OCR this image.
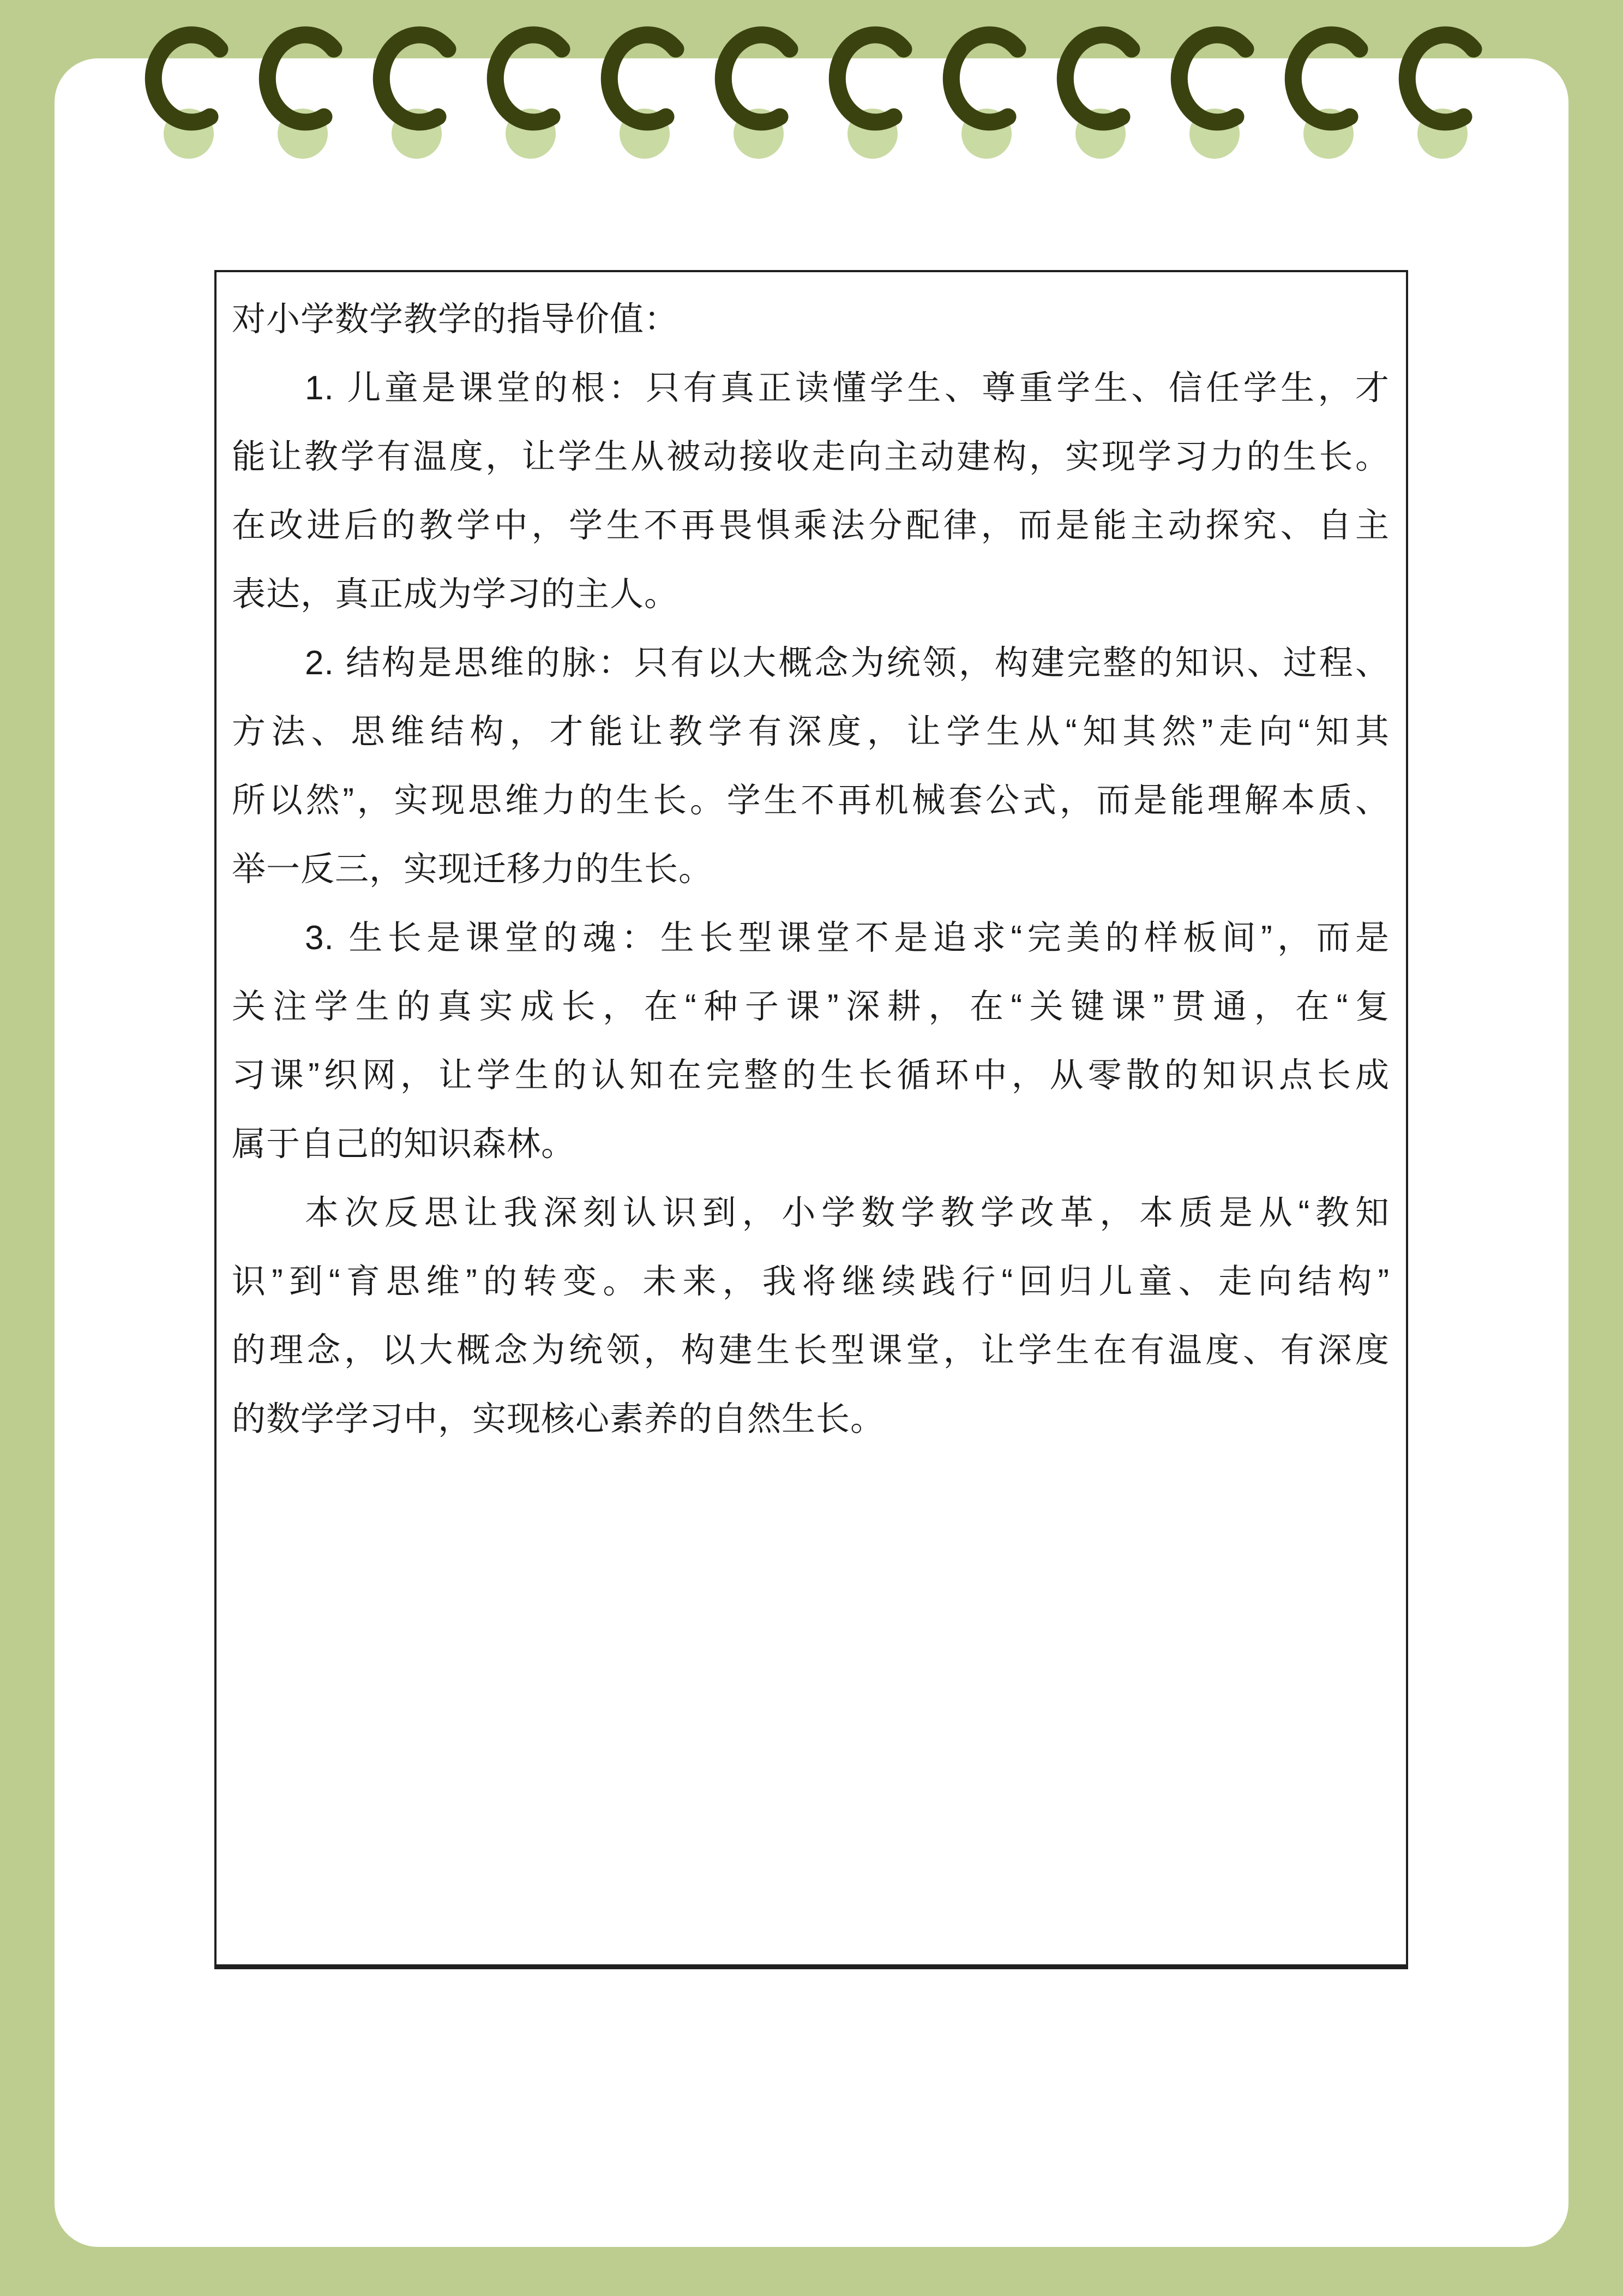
对小学数学教学的指导价值：
1. 儿童是课堂的根：只有真正读懂学生、尊重学生、信任学生，才
能让教学有温度，让学生从被动接收走向主动建构，实现学习力的生长。
在改进后的教学中，学生不再畏惧乘法分配律，而是能主动探究、自主
表达，真正成为学习的主人。
2. 结构是思维的脉：只有以大概念为统领，构建完整的知识、过程、
方法、思维结构，才能让教学有深度，让学生从“知其然”走向“知其
所以然”，实现思维力的生长。学生不再机械套公式，而是能理解本质、
举一反三，实现迁移力的生长。
3. 生长是课堂的魂：生长型课堂不是追求“完美的样板间”，而是
关注学生的真实成长，在“种子课”深耕，在“关键课”贯通，在“复
习课”织网，让学生的认知在完整的生长循环中，从零散的知识点长成
属于自己的知识森林。
本次反思让我深刻认识到，小学数学教学改革，本质是从“教知
识”到“育思维”的转变。未来，我将继续践行“回归儿童、走向结构”
的理念，以大概念为统领，构建生长型课堂，让学生在有温度、有深度
的数学学习中，实现核心素养的自然生长。
